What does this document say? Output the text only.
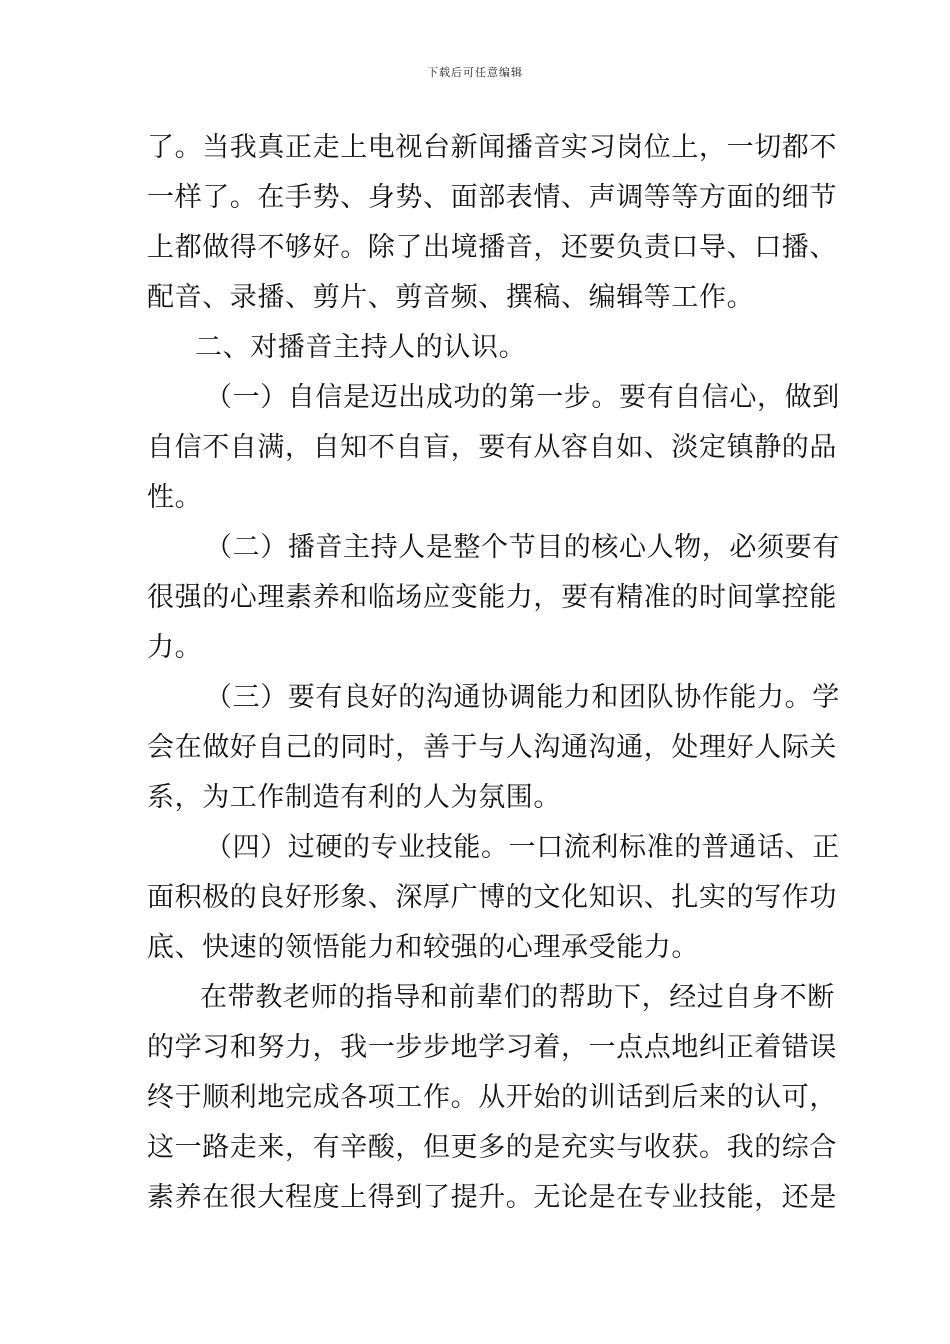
下载后可任意编辑
了。当我真正走上电视台新闻播音实习岗位上，一切都不
一样了。在手势、身势、面部表情、声调等等方面的细节
上都做得不够好。除了出境播音，还要负责口导、口播、
配音、录播、剪片、剪音频、撰稿、编辑等工作。
二、对播音主持人的认识。
（一）自信是迈出成功的第一步。要有自信心，做到
自信不自满，自知不自盲，要有从容自如、淡定镇静的品
性。
（二）播音主持人是整个节目的核心人物，必须要有
很强的心理素养和临场应变能力，要有精准的时间掌控能
力。
（三）要有良好的沟通协调能力和团队协作能力。学
会在做好自己的同时，善于与人沟通沟通，处理好人际关
系，为工作制造有利的人为氛围。
（四）过硬的专业技能。一口流利标准的普通话、正
面积极的良好形象、深厚广博的文化知识、扎实的写作功
底、快速的领悟能力和较强的心理承受能力。
在带教老师的指导和前辈们的帮助下，经过自身不断
的学习和努力，我一步步地学习着，一点点地纠正着错误
终于顺利地完成各项工作。从开始的训话到后来的认可，
这一路走来，有辛酸，但更多的是充实与收获。我的综合
素养在很大程度上得到了提升。无论是在专业技能，还是
